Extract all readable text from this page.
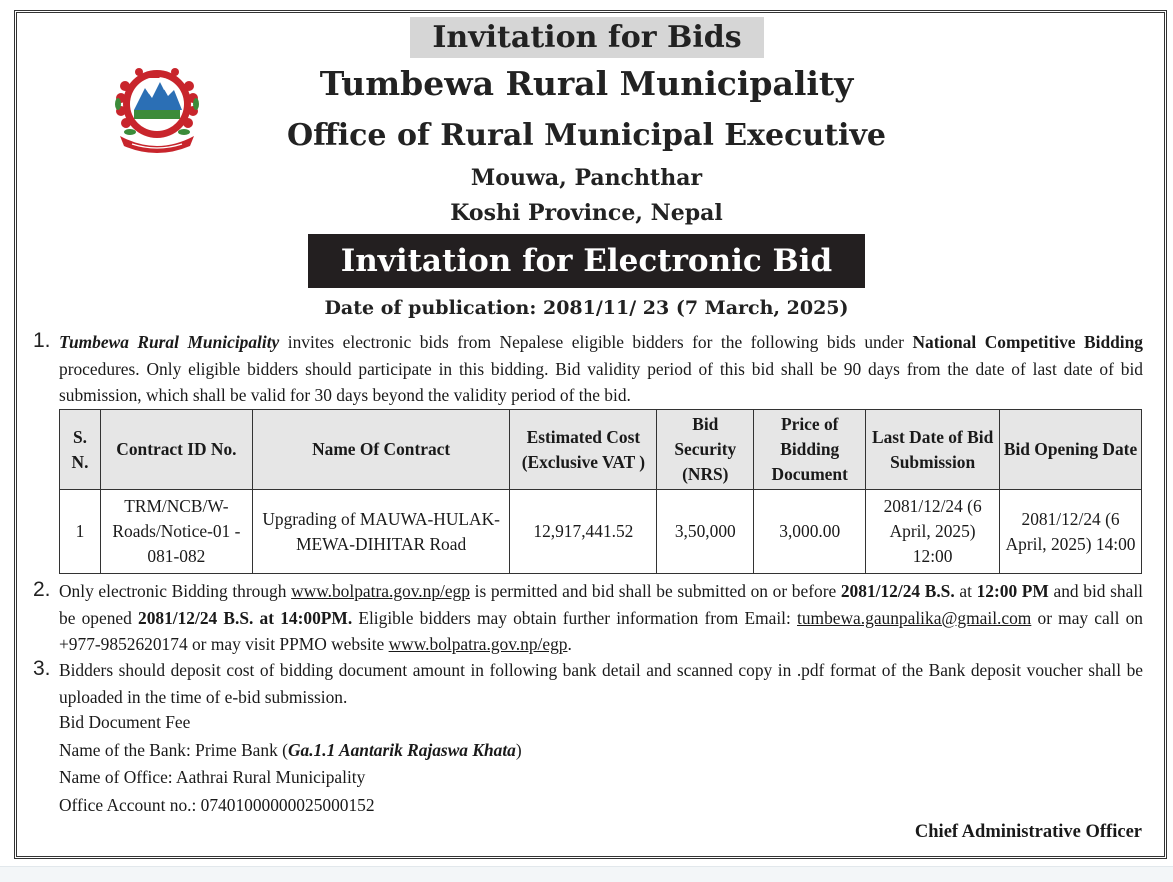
Invitation for Bids
Tumbewa Rural Municipality
Office of Rural Municipal Executive
Mouwa, Panchthar
Koshi Province, Nepal
Invitation for Electronic Bid
Date of publication: 2081/11/ 23 (7 March, 2025)
1. Tumbewa Rural Municipality invites electronic bids from Nepalese eligible bidders for the following bids under National Competitive Bidding procedures. Only eligible bidders should participate in this bidding. Bid validity period of this bid shall be 90 days from the date of last date of bid submission, which shall be valid for 30 days beyond the validity period of the bid.
S. N.	Contract ID No.	Name Of Contract	Estimated Cost (Exclusive VAT )	Bid Security (NRS)	Price of Bidding Document	Last Date of Bid Submission	Bid Opening Date
1	TRM/NCB/W-Roads/Notice-01 - 081-082	Upgrading of MAUWA-HULAK-MEWA-DIHITAR Road	12,917,441.52	3,50,000	3,000.00	2081/12/24 (6 April, 2025) 12:00	2081/12/24 (6 April, 2025) 14:00
2. Only electronic Bidding through www.bolpatra.gov.np/egp is permitted and bid shall be submitted on or before 2081/12/24 B.S. at 12:00 PM and bid shall be opened 2081/12/24 B.S. at 14:00PM. Eligible bidders may obtain further information from Email: tumbewa.gaunpalika@gmail.com or may call on +977-9852620174 or may visit PPMO website www.bolpatra.gov.np/egp.
3. Bidders should deposit cost of bidding document amount in following bank detail and scanned copy in .pdf format of the Bank deposit voucher shall be uploaded in the time of e-bid submission.
Bid Document Fee
Name of the Bank: Prime Bank (Ga.1.1 Aantarik Rajaswa Khata)
Name of Office: Aathrai Rural Municipality
Office Account no.: 07401000000025000152
Chief Administrative Officer
